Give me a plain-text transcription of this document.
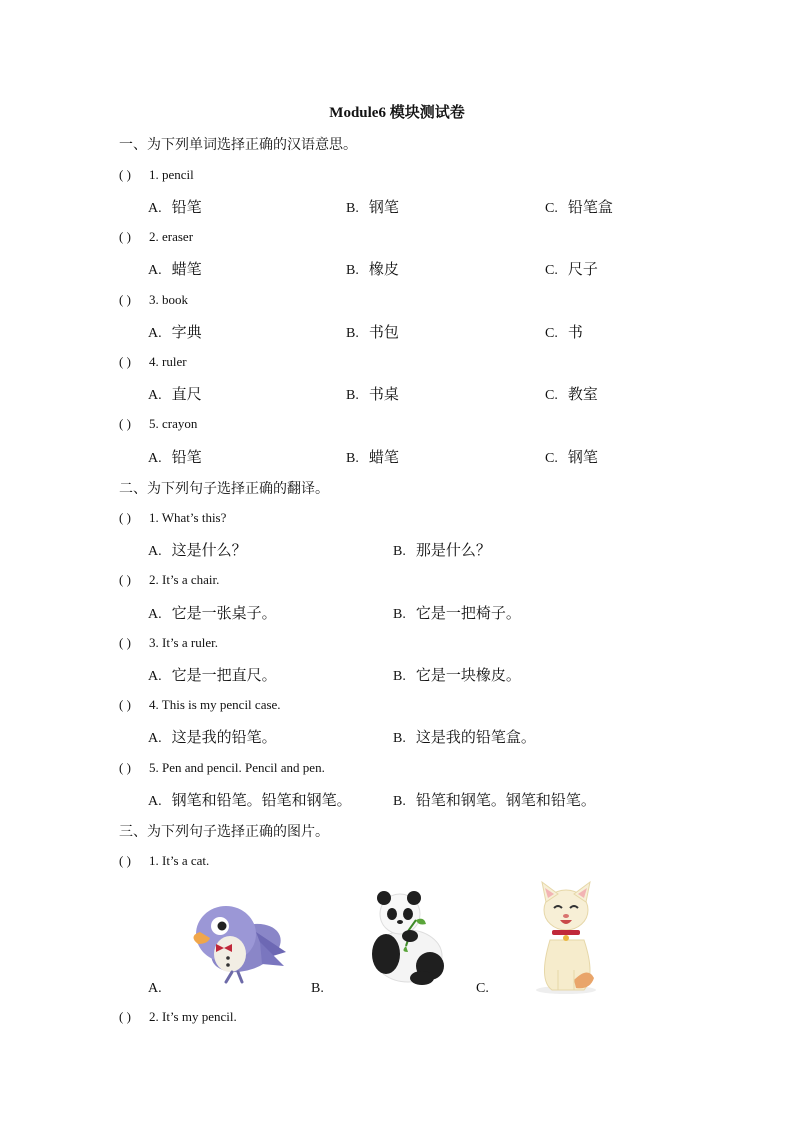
Module6 模块测试卷
一、为下列单词选择正确的汉语意思。
( ) 1. pencil
A. 铅笔	B. 钢笔	C. 铅笔盒
( ) 2. eraser
A. 蜡笔	B. 橡皮	C. 尺子
( ) 3. book
A. 字典	B. 书包	C. 书
( ) 4. ruler
A. 直尺	B. 书桌	C. 教室
( ) 5. crayon
A. 铅笔	B. 蜡笔	C. 钢笔
二、为下列句子选择正确的翻译。
( ) 1. What’s this?
A. 这是什么？	B. 那是什么？
( ) 2. It’s a chair.
A. 它是一张桌子。	B. 它是一把椅子。
( ) 3. It’s a ruler.
A. 它是一把直尺。	B. 它是一块橡皮。
( ) 4. This is my pencil case.
A. 这是我的铅笔。	B. 这是我的铅笔盒。
( ) 5. Pen and pencil. Pencil and pen.
A. 钢笔和铅笔。铅笔和钢笔。	B. 铅笔和钢笔。钢笔和铅笔。
三、为下列句子选择正确的图片。
( ) 1. It’s a cat.
A.	B.	C.
( ) 2. It’s my pencil.
